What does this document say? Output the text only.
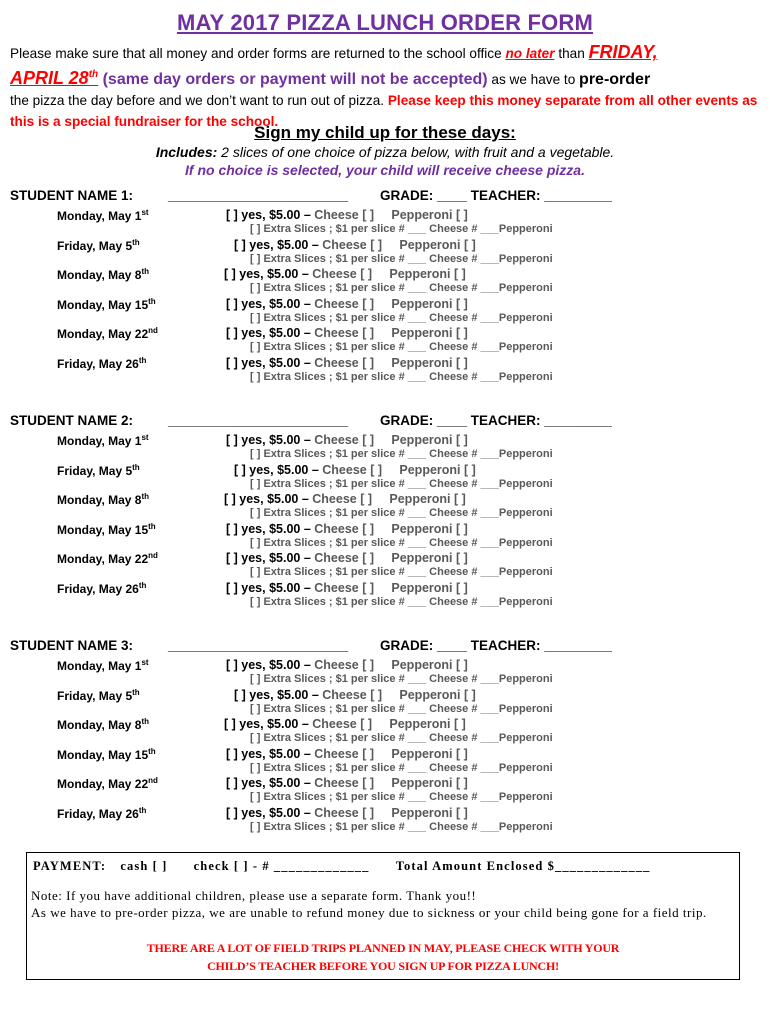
MAY 2017 PIZZA LUNCH ORDER FORM
Please make sure that all money and order forms are returned to the school office no later than FRIDAY,
APRIL 28th (same day orders or payment will not be accepted) as we have to pre-order
the pizza the day before and we don’t want to run out of pizza. Please keep this money separate from all other events as this is a special fundraiser for the school.
Sign my child up for these days:
Includes: 2 slices of one choice of pizza below, with fruit and a vegetable.
If no choice is selected, your child will receive cheese pizza.
STUDENT NAME 1:	________________________ GRADE: ____ TEACHER: _________
Monday, May 1st	[ ] yes, $5.00 – Cheese [ ] Pepperoni [ ]
[ ] Extra Slices ; $1 per slice # ___ Cheese # ___Pepperoni
Friday, May 5th	[ ] yes, $5.00 – Cheese [ ] Pepperoni [ ]
[ ] Extra Slices ; $1 per slice # ___ Cheese # ___Pepperoni
Monday, May 8th	[ ] yes, $5.00 – Cheese [ ] Pepperoni [ ]
[ ] Extra Slices ; $1 per slice # ___ Cheese # ___Pepperoni
Monday, May 15th	[ ] yes, $5.00 – Cheese [ ] Pepperoni [ ]
[ ] Extra Slices ; $1 per slice # ___ Cheese # ___Pepperoni
Monday, May 22nd	[ ] yes, $5.00 – Cheese [ ] Pepperoni [ ]
[ ] Extra Slices ; $1 per slice # ___ Cheese # ___Pepperoni
Friday, May 26th	[ ] yes, $5.00 – Cheese [ ] Pepperoni [ ]
[ ] Extra Slices ; $1 per slice # ___ Cheese # ___Pepperoni
STUDENT NAME 2:	________________________ GRADE: ____ TEACHER: _________
Monday, May 1st	[ ] yes, $5.00 – Cheese [ ] Pepperoni [ ]
[ ] Extra Slices ; $1 per slice # ___ Cheese # ___Pepperoni
Friday, May 5th	[ ] yes, $5.00 – Cheese [ ] Pepperoni [ ]
[ ] Extra Slices ; $1 per slice # ___ Cheese # ___Pepperoni
Monday, May 8th	[ ] yes, $5.00 – Cheese [ ] Pepperoni [ ]
[ ] Extra Slices ; $1 per slice # ___ Cheese # ___Pepperoni
Monday, May 15th	[ ] yes, $5.00 – Cheese [ ] Pepperoni [ ]
[ ] Extra Slices ; $1 per slice # ___ Cheese # ___Pepperoni
Monday, May 22nd	[ ] yes, $5.00 – Cheese [ ] Pepperoni [ ]
[ ] Extra Slices ; $1 per slice # ___ Cheese # ___Pepperoni
Friday, May 26th	[ ] yes, $5.00 – Cheese [ ] Pepperoni [ ]
[ ] Extra Slices ; $1 per slice # ___ Cheese # ___Pepperoni
STUDENT NAME 3:	________________________ GRADE: ____ TEACHER: _________
Monday, May 1st	[ ] yes, $5.00 – Cheese [ ] Pepperoni [ ]
[ ] Extra Slices ; $1 per slice # ___ Cheese # ___Pepperoni
Friday, May 5th	[ ] yes, $5.00 – Cheese [ ] Pepperoni [ ]
[ ] Extra Slices ; $1 per slice # ___ Cheese # ___Pepperoni
Monday, May 8th	[ ] yes, $5.00 – Cheese [ ] Pepperoni [ ]
[ ] Extra Slices ; $1 per slice # ___ Cheese # ___Pepperoni
Monday, May 15th	[ ] yes, $5.00 – Cheese [ ] Pepperoni [ ]
[ ] Extra Slices ; $1 per slice # ___ Cheese # ___Pepperoni
Monday, May 22nd	[ ] yes, $5.00 – Cheese [ ] Pepperoni [ ]
[ ] Extra Slices ; $1 per slice # ___ Cheese # ___Pepperoni
Friday, May 26th	[ ] yes, $5.00 – Cheese [ ] Pepperoni [ ]
[ ] Extra Slices ; $1 per slice # ___ Cheese # ___Pepperoni
PAYMENT: cash [ ] check [ ] - # _____________ Total Amount Enclosed $_____________
Note: If you have additional children, please use a separate form. Thank you!!
As we have to pre-order pizza, we are unable to refund money due to sickness or your child being gone for a field trip.
THERE ARE A LOT OF FIELD TRIPS PLANNED IN MAY, PLEASE CHECK WITH YOUR
CHILD’S TEACHER BEFORE YOU SIGN UP FOR PIZZA LUNCH!
